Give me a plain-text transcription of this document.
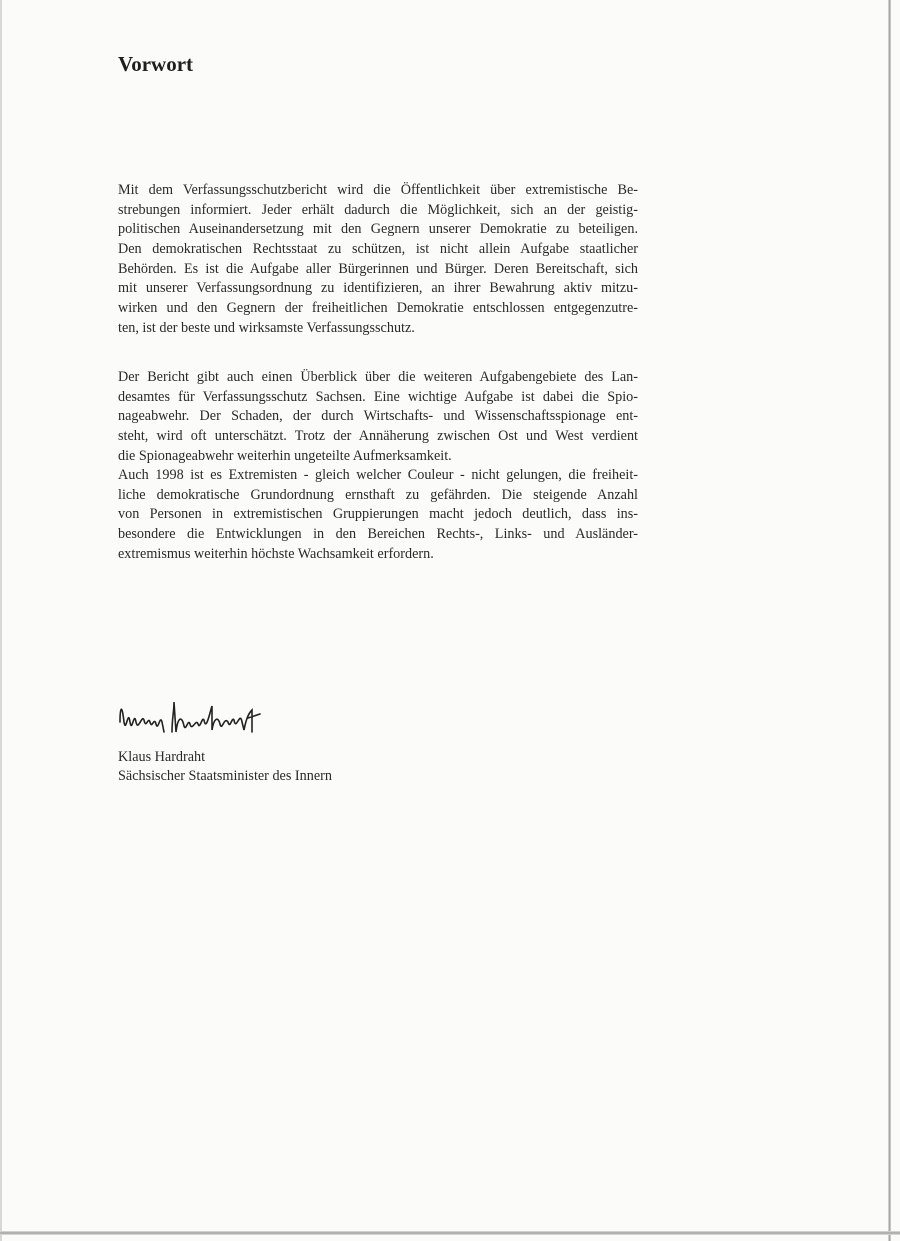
Vorwort
Mit dem Verfassungsschutzbericht wird die Öffentlichkeit über extremistische Be-
strebungen informiert. Jeder erhält dadurch die Möglichkeit, sich an der geistig-
politischen Auseinandersetzung mit den Gegnern unserer Demokratie zu beteiligen.
Den demokratischen Rechtsstaat zu schützen, ist nicht allein Aufgabe staatlicher
Behörden. Es ist die Aufgabe aller Bürgerinnen und Bürger. Deren Bereitschaft, sich
mit unserer Verfassungsordnung zu identifizieren, an ihrer Bewahrung aktiv mitzu-
wirken und den Gegnern der freiheitlichen Demokratie entschlossen entgegenzutre-
ten, ist der beste und wirksamste Verfassungsschutz.
Der Bericht gibt auch einen Überblick über die weiteren Aufgabengebiete des Lan-
desamtes für Verfassungsschutz Sachsen. Eine wichtige Aufgabe ist dabei die Spio-
nageabwehr. Der Schaden, der durch Wirtschafts- und Wissenschaftsspionage ent-
steht, wird oft unterschätzt. Trotz der Annäherung zwischen Ost und West verdient
die Spionageabwehr weiterhin ungeteilte Aufmerksamkeit.
Auch 1998 ist es Extremisten - gleich welcher Couleur - nicht gelungen, die freiheit-
liche demokratische Grundordnung ernsthaft zu gefährden. Die steigende Anzahl
von Personen in extremistischen Gruppierungen macht jedoch deutlich, dass ins-
besondere die Entwicklungen in den Bereichen Rechts-, Links- und Ausländer-
extremismus weiterhin höchste Wachsamkeit erfordern.
Klaus Hardraht
Sächsischer Staatsminister des Innern
